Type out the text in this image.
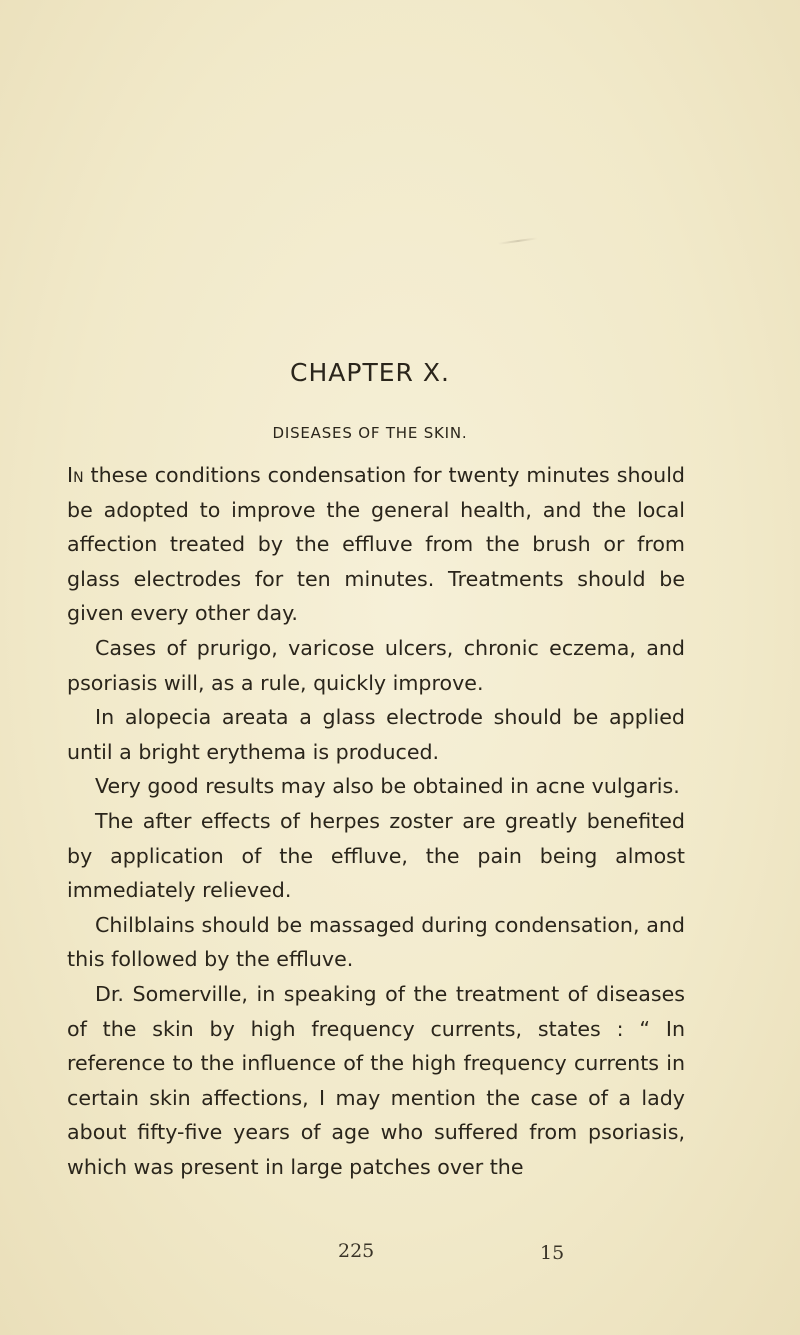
CHAPTER X.
DISEASES OF THE SKIN.

In these conditions condensation for twenty minutes should be adopted to improve the general health, and the local affection treated by the effluve from the brush or from glass electrodes for ten minutes. Treatments should be given every other day.

Cases of prurigo, varicose ulcers, chronic eczema, and psoriasis will, as a rule, quickly improve.

In alopecia areata a glass electrode should be applied until a bright erythema is produced.

Very good results may also be obtained in acne vulgaris.

The after effects of herpes zoster are greatly benefited by application of the effluve, the pain being almost immediately relieved.

Chilblains should be massaged during condensation, and this followed by the effluve.

Dr. Somerville, in speaking of the treatment of diseases of the skin by high frequency currents, states : “ In reference to the influence of the high frequency currents in certain skin affections, I may mention the case of a lady about fifty-five years of age who suffered from psoriasis, which was present in large patches over the

225	15
